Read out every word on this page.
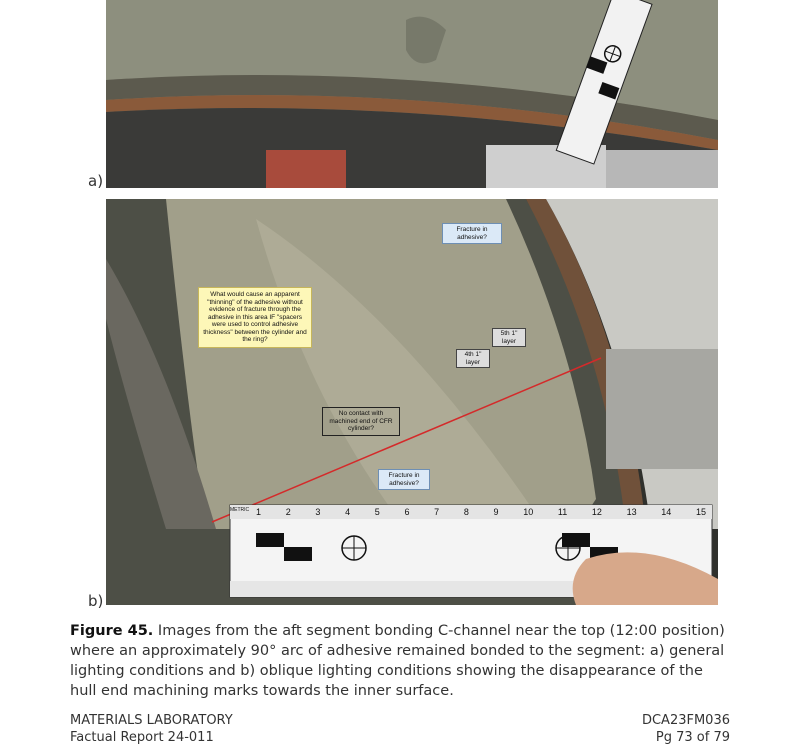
a)
METRIC 1	2	3	4	5	6	7	8	9	10	11	12	13	14	15
Fracture in adhesive?
What would cause an apparent "thinning" of the adhesive without evidence of fracture through the adhesive in this area IF "spacers were used to control adhesive thickness" between the cylinder and the ring?
5th 1" layer
4th 1" layer
No contact with machined end of CFR cylinder?
Fracture in adhesive?
b)
Figure 45. Images from the aft segment bonding C-channel near the top (12:00 position) where an approximately 90° arc of adhesive remained bonded to the segment: a) general lighting conditions and b) oblique lighting conditions showing the disappearance of the hull end machining marks towards the inner surface.
MATERIALS LABORATORY
Factual Report 24-011
DCA23FM036
Pg 73 of 79
